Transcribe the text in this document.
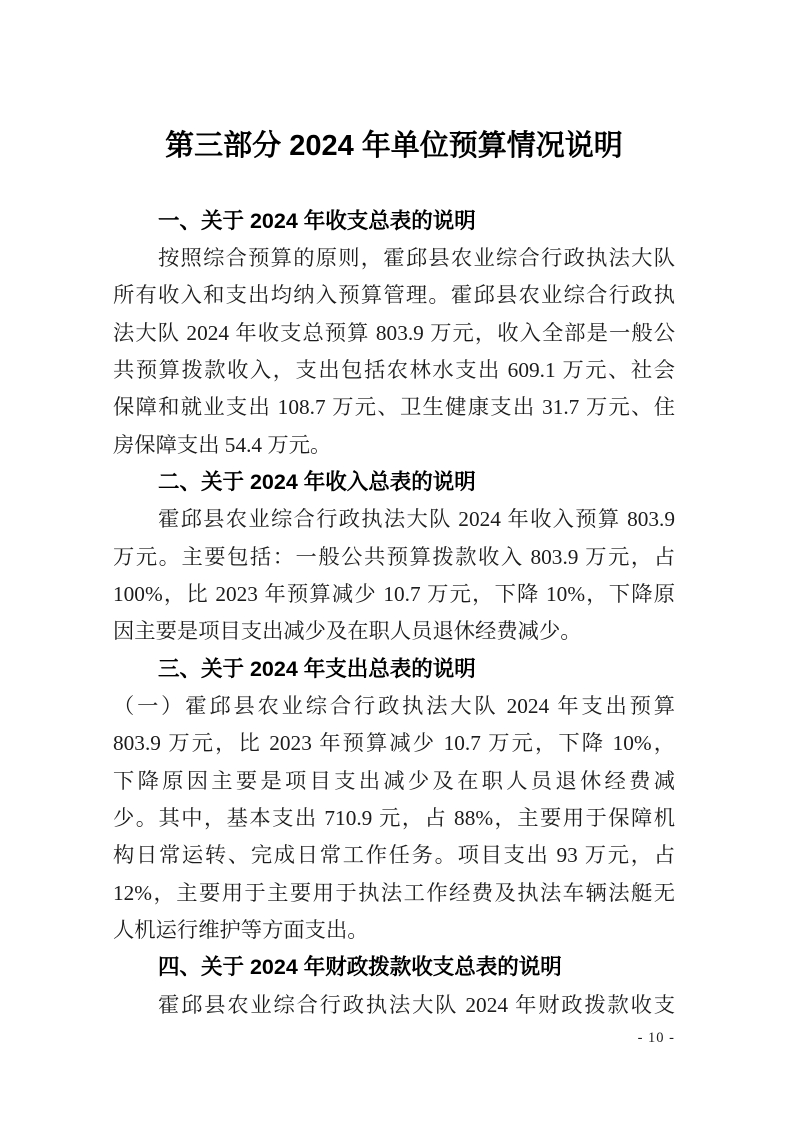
第三部分 2024 年单位预算情况说明
一、关于 2024 年收支总表的说明
按照综合预算的原则，霍邱县农业综合行政执法大队
所有收入和支出均纳入预算管理。霍邱县农业综合行政执
法大队 2024 年收支总预算 803.9 万元，收入全部是一般公
共预算拨款收入，支出包括农林水支出 609.1 万元、社会
保障和就业支出 108.7 万元、卫生健康支出 31.7 万元、住
房保障支出 54.4 万元。
二、关于 2024 年收入总表的说明
霍邱县农业综合行政执法大队 2024 年收入预算 803.9
万元。主要包括：一般公共预算拨款收入 803.9 万元，占
100%，比 2023 年预算减少 10.7 万元，下降 10%，下降原
因主要是项目支出减少及在职人员退休经费减少。
三、关于 2024 年支出总表的说明
（一）霍邱县农业综合行政执法大队 2024 年支出预算
803.9 万元，比 2023 年预算减少 10.7 万元，下降 10%，
下降原因主要是项目支出减少及在职人员退休经费减
少。其中，基本支出 710.9 元，占 88%，主要用于保障机
构日常运转、完成日常工作任务。项目支出 93 万元，占
12%，主要用于主要用于执法工作经费及执法车辆法艇无
人机运行维护等方面支出。
四、关于 2024 年财政拨款收支总表的说明
霍邱县农业综合行政执法大队 2024 年财政拨款收支
- 10 -
